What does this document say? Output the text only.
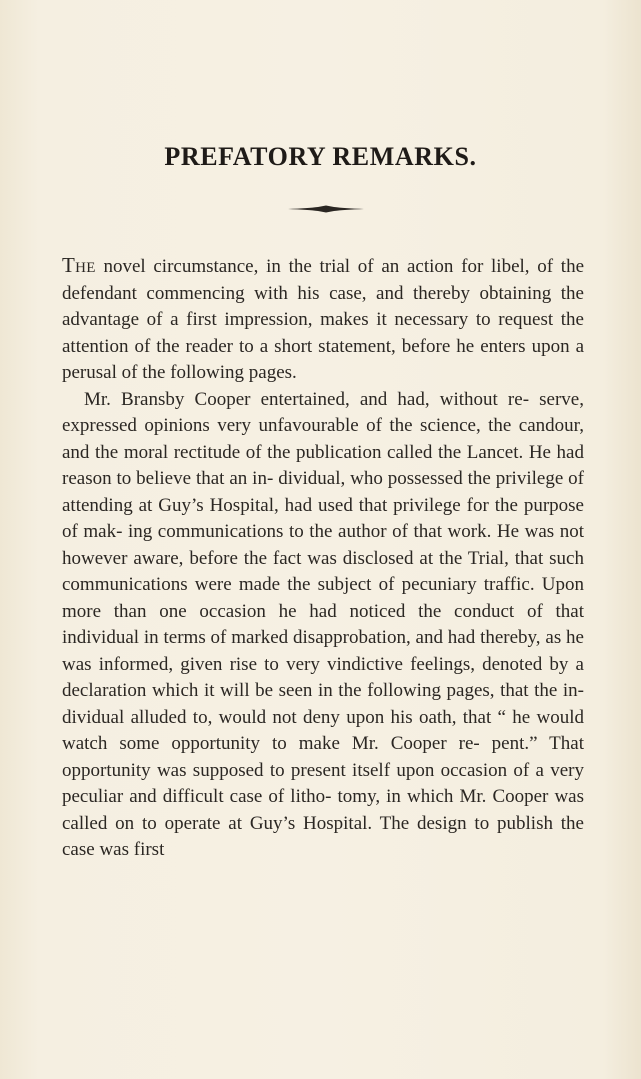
PREFATORY REMARKS.

The novel circumstance, in the trial of an action for libel, of the defendant commencing with his case, and thereby obtaining the advantage of a first impression, makes it necessary to request the attention of the reader to a short statement, before he enters upon a perusal of the following pages.

Mr. Bransby Cooper entertained, and had, without re- serve, expressed opinions very unfavourable of the science, the candour, and the moral rectitude of the publication called the Lancet. He had reason to believe that an in- dividual, who possessed the privilege of attending at Guy’s Hospital, had used that privilege for the purpose of mak- ing communications to the author of that work. He was not however aware, before the fact was disclosed at the Trial, that such communications were made the subject of pecuniary traffic. Upon more than one occasion he had noticed the conduct of that individual in terms of marked disapprobation, and had thereby, as he was informed, given rise to very vindictive feelings, denoted by a declaration which it will be seen in the following pages, that the in- dividual alluded to, would not deny upon his oath, that “ he would watch some opportunity to make Mr. Cooper re- pent.” That opportunity was supposed to present itself upon occasion of a very peculiar and difficult case of litho- tomy, in which Mr. Cooper was called on to operate at Guy’s Hospital. The design to publish the case was first
